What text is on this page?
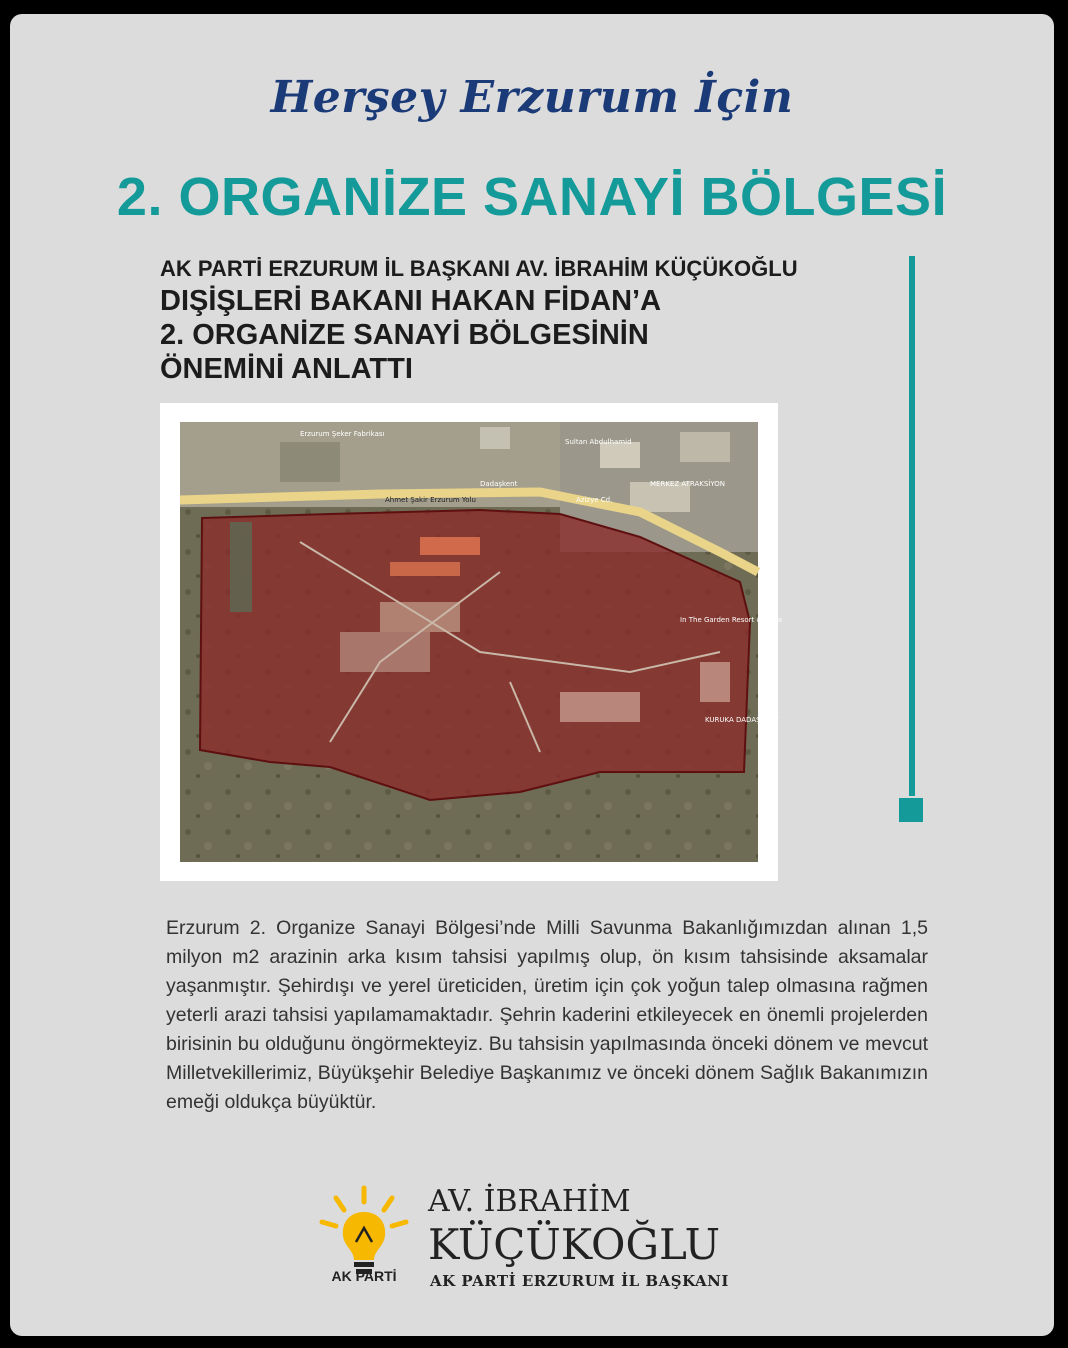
Herşey Erzurum İçin
2. ORGANİZE SANAYİ BÖLGESİ
AK PARTİ ERZURUM İL BAŞKANI AV. İBRAHİM KÜÇÜKOĞLU
DIŞİŞLERİ BAKANI HAKAN FİDAN’A
2. ORGANİZE SANAYİ BÖLGESİNİN
ÖNEMİNİ ANLATTI
Ahmet Şakir Erzurum Yolu
Erzurum Şeker Fabrikası
Sultan Abdulhamid
Dadaşkent	MERKEZ ATRAKSİYON
In The Garden Resort & Aqua
KURUKA DADAŞKENT
Azizye Cd.
Erzurum 2. Organize Sanayi Bölgesi’nde Milli Savunma Bakanlığımızdan alınan 1,5 milyon m2 arazinin arka kısım tahsisi yapılmış olup, ön kısım tahsisinde aksamalar yaşanmıştır. Şehirdışı ve yerel üreticiden, üretim için çok yoğun talep olmasına rağmen yeterli arazi tahsisi yapılamamaktadır. Şehrin kaderini etkileyecek en önemli projelerden birisinin bu olduğunu öngörmekteyiz. Bu tahsisin yapılmasında önceki dönem ve mevcut Milletvekillerimiz, Büyükşehir Belediye Başkanımız ve önceki dönem Sağlık Bakanımızın emeği oldukça büyüktür.
AK PARTİ
AV. İBRAHİM
KÜÇÜKOĞLU
AK PARTİ ERZURUM İL BAŞKANI
